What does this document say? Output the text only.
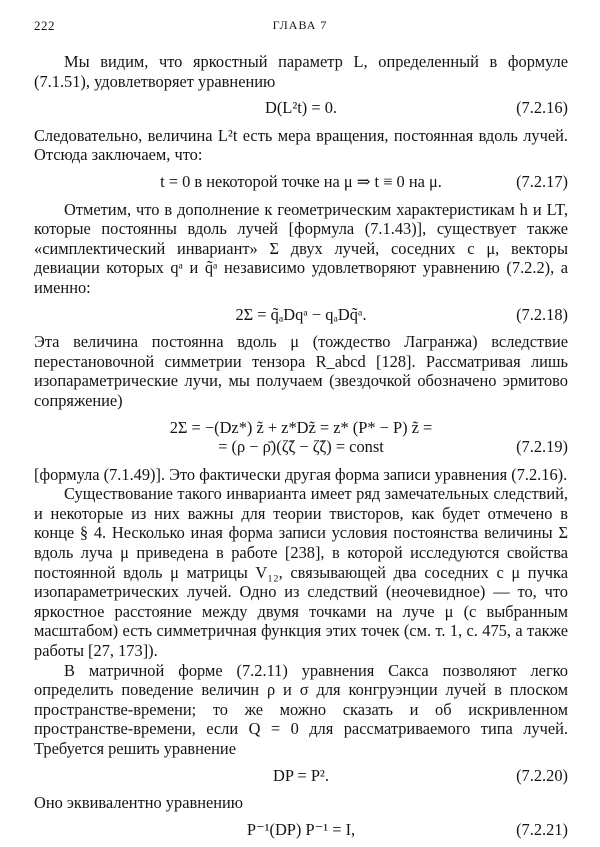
222	ГЛАВА 7

Мы видим, что яркостный параметр L, определенный в формуле (7.1.51), удовлетворяет уравнению

D(L²t) = 0.	(7.2.16)

Следовательно, величина L²t есть мера вращения, постоянная вдоль лучей. Отсюда заключаем, что:

t = 0 в некоторой точке на μ ⇒ t ≡ 0 на μ.	(7.2.17)

Отметим, что в дополнение к геометрическим характеристикам h и LT, которые постоянны вдоль лучей [формула (7.1.43)], существует также «симплектический инвариант» Σ двух лучей, соседних с μ, векторы девиации которых qᵃ и q̃ᵃ независимо удовлетворяют уравнению (7.2.2), а именно:

2Σ = q̃ₐDqᵃ − qₐDq̃ᵃ.	(7.2.18)

Эта величина постоянна вдоль μ (тождество Лагранжа) вследствие перестановочной симметрии тензора R_abcd [128]. Рассматривая лишь изопараметрические лучи, мы получаем (звездочкой обозначено эрмитово сопряжение)

2Σ = −(Dz*) z̃ + z*Dz̃ = z* (P* − P) z̃ =
= (ρ − ρ̄)(ζ̃ζ − ζ̃ζ) = const	(7.2.19)

[формула (7.1.49)]. Это фактически другая форма записи уравнения (7.2.16).

Существование такого инварианта имеет ряд замечательных следствий, и некоторые из них важны для теории твисторов, как будет отмечено в конце § 4. Несколько иная форма записи условия постоянства величины Σ вдоль луча μ приведена в работе [238], в которой исследуются свойства постоянной вдоль μ матрицы V₁₂, связывающей два соседних с μ пучка изопараметрических лучей. Одно из следствий (неочевидное) — то, что яркостное расстояние между двумя точками на луче μ (с выбранным масштабом) есть симметричная функция этих точек (см. т. 1, с. 475, а также работы [27, 173]).

В матричной форме (7.2.11) уравнения Сакса позволяют легко определить поведение величин ρ и σ для конгруэнции лучей в плоском пространстве-времени; то же можно сказать и об искривленном пространстве-времени, если Q = 0 для рассматриваемого типа лучей. Требуется решить уравнение

DP = P².	(7.2.20)

Оно эквивалентно уравнению

P⁻¹(DP) P⁻¹ = I,	(7.2.21)
